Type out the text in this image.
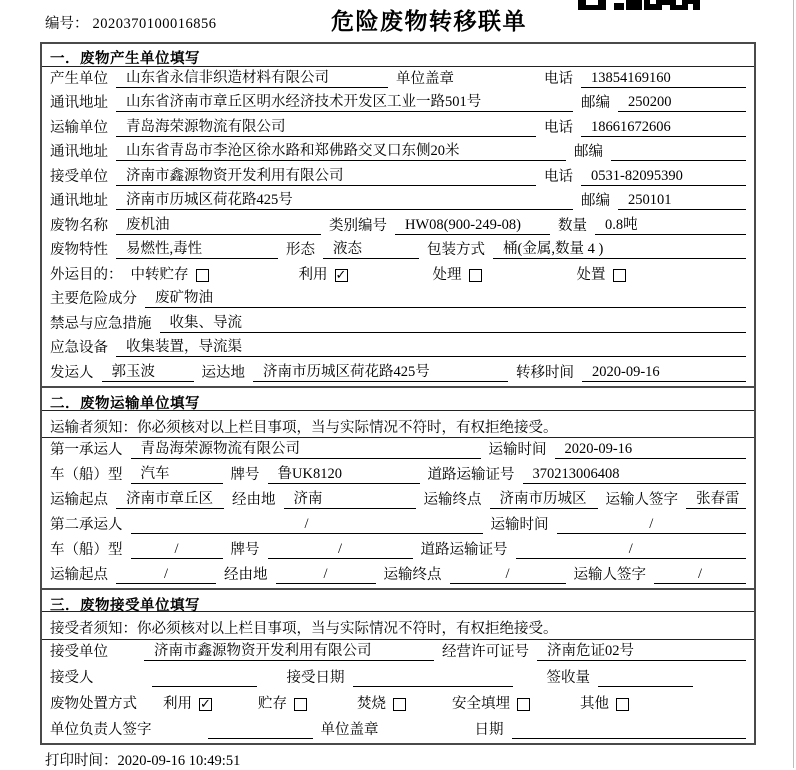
编号： 2020370100016856	危险废物转移联单
一．废物产生单位填写
产生单位	山东省永信非织造材料有限公司	单位盖章	电话	13854169160
通讯地址	山东省济南市章丘区明水经济技术开发区工业一路501号	邮编	250200
运输单位	青岛海荣源物流有限公司	电话	18661672606
通讯地址	山东省青岛市李沧区徐水路和郑佛路交叉口东侧20米	邮编
接受单位	济南市鑫源物资开发利用有限公司	电话	0531-82095390
通讯地址	济南市历城区荷花路425号	邮编	250101
废物名称	废机油	类别编号	HW08(900-249-08)	数量	0.8吨
废物特性	易燃性,毒性	形态	液态	包装方式	桶(金属,数量 4 )
外运目的： 中转贮存	利用 ✓	处理	处置
主要危险成分	废矿物油
禁忌与应急措施	收集、导流
应急设备	收集装置，导流渠
发运人	郭玉波	运达地	济南市历城区荷花路425号	转移时间	2020-09-16
二．废物运输单位填写
运输者须知：你必须核对以上栏目事项，当与实际情况不符时，有权拒绝接受。
第一承运人	青岛海荣源物流有限公司	运输时间	2020-09-16
车（船）型	汽车	牌号	鲁UK8120	道路运输证号	370213006408
运输起点	济南市章丘区	经由地	济南	运输终点	济南市历城区	运输人签字	张春雷
第二承运人	/	运输时间	/
车（船）型	/	牌号	/	道路运输证号	/
运输起点	/	经由地	/	运输终点	/	运输人签字	/
三．废物接受单位填写
接受者须知：你必须核对以上栏目事项，当与实际情况不符时，有权拒绝接受。
接受单位	济南市鑫源物资开发利用有限公司	经营许可证号	济南危证02号
接受人	接受日期	签收量
废物处置方式 利用 ✓	贮存	焚烧	安全填埋	其他
单位负责人签字	单位盖章	日期
打印时间：2020-09-16 10:49:51
